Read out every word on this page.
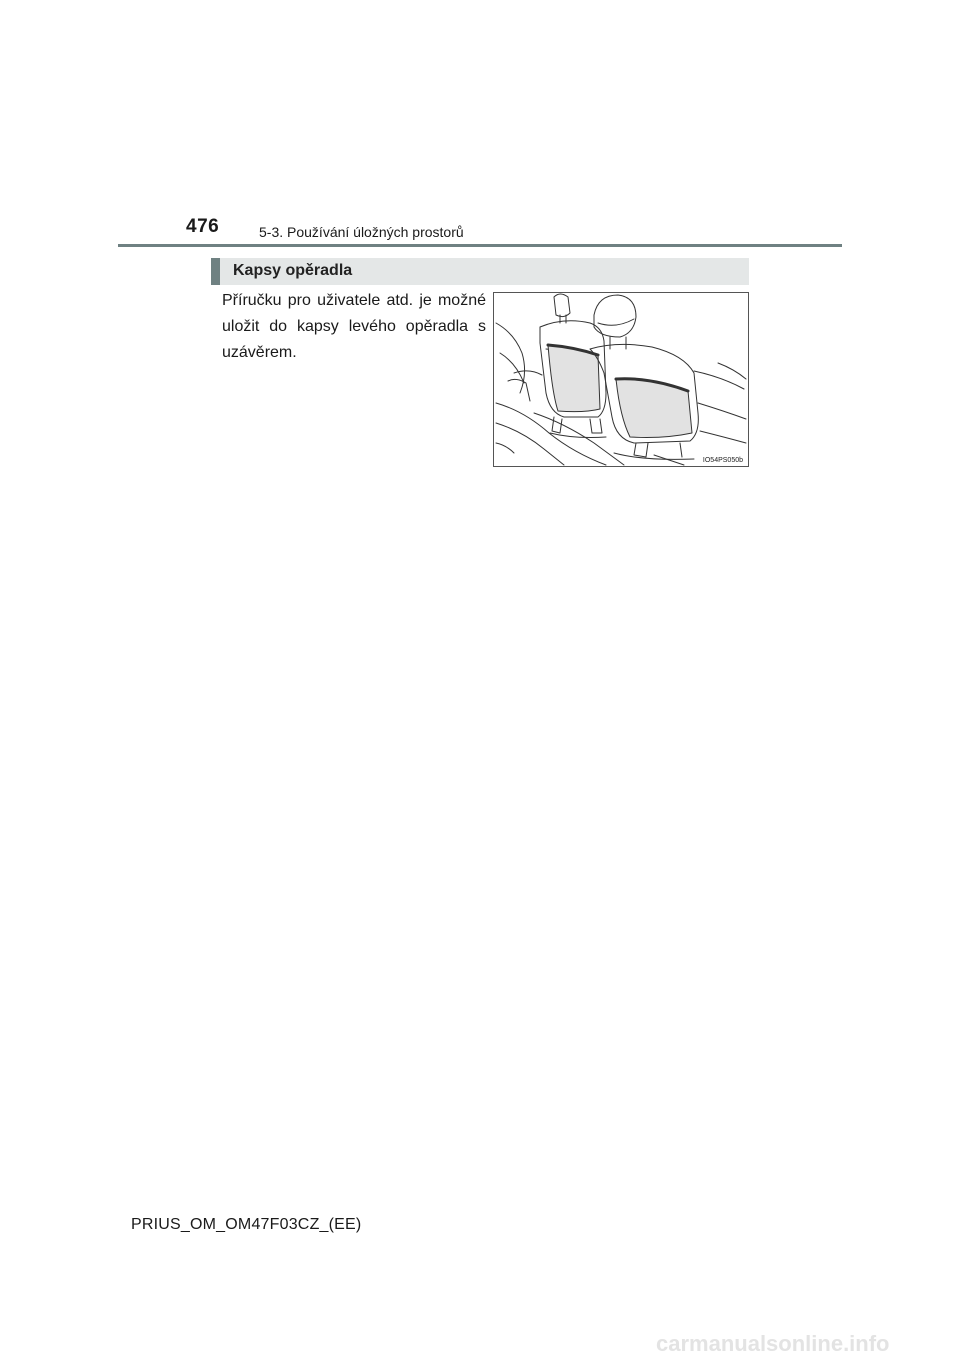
476	5-3. Používání úložných prostorů
Kapsy opěradla

Příručku pro uživatele atd. je možné uložit do kapsy levého opěradla s uzávěrem.

IO54PS050b
PRIUS_OM_OM47F03CZ_(EE)
carmanualsonline.info
